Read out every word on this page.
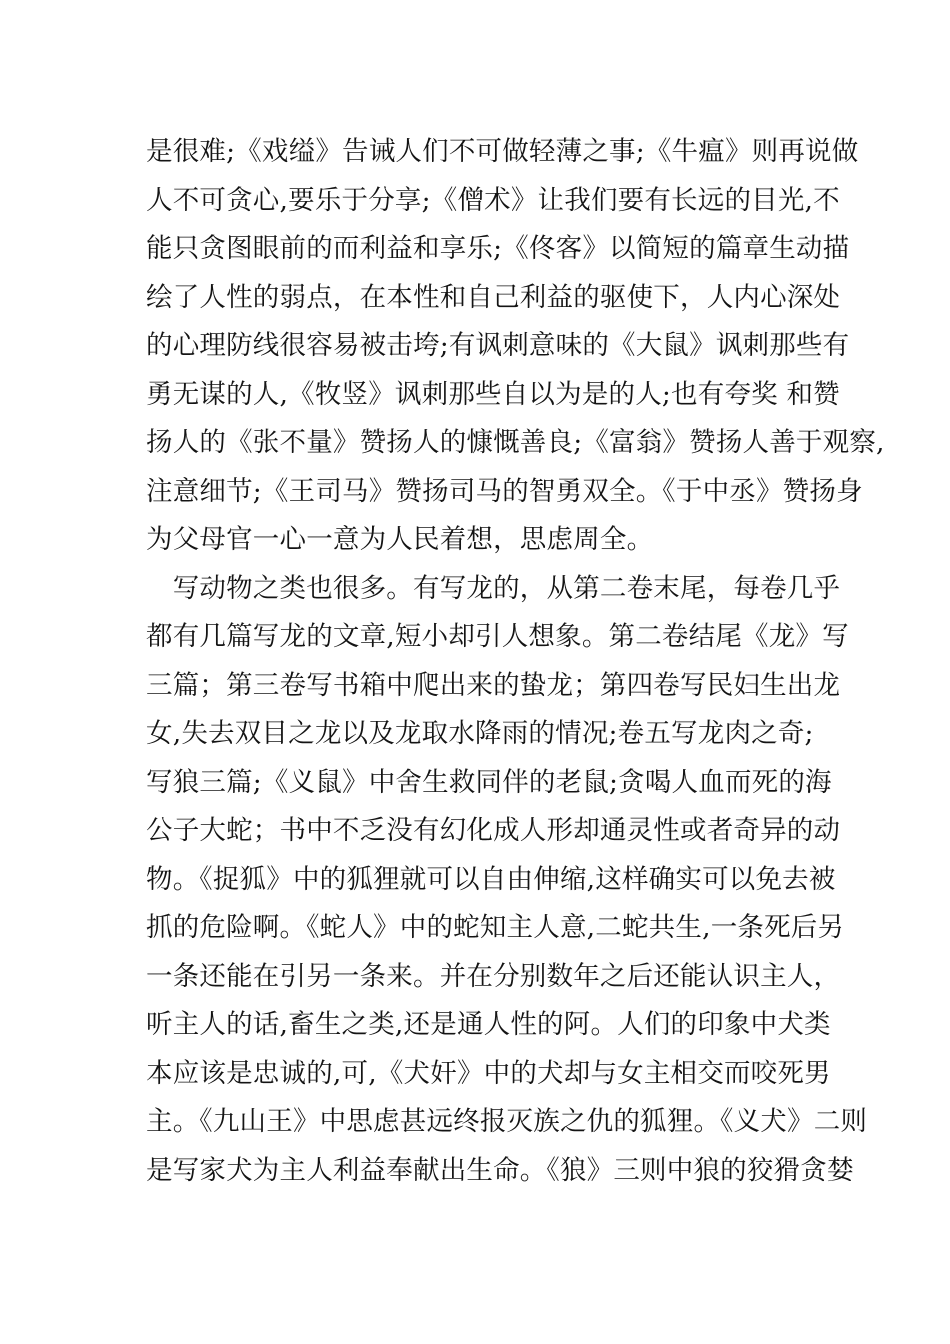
是很难;《戏缢》告诫人们不可做轻薄之事;《牛瘟》则再说做
人不可贪心,要乐于分享;《僧术》让我们要有长远的目光,不
能只贪图眼前的而利益和享乐;《佟客》以简短的篇章生动描
绘了人性的弱点，在本性和自己利益的驱使下，人内心深处
的心理防线很容易被击垮;有讽刺意味的《大鼠》讽刺那些有
勇无谋的人,《牧竖》讽刺那些自以为是的人;也有夸奖 和赞
扬人的《张不量》赞扬人的慷慨善良;《富翁》赞扬人善于观察,
注意细节;《王司马》赞扬司马的智勇双全。《于中丞》赞扬身
为父母官一心一意为人民着想，思虑周全。
　写动物之类也很多。有写龙的，从第二卷末尾，每卷几乎
都有几篇写龙的文章,短小却引人想象。第二卷结尾《龙》写
三篇；第三卷写书箱中爬出来的蛰龙；第四卷写民妇生出龙
女,失去双目之龙以及龙取水降雨的情况;卷五写龙肉之奇;
写狼三篇;《义鼠》中舍生救同伴的老鼠;贪喝人血而死的海
公子大蛇；书中不乏没有幻化成人形却通灵性或者奇异的动
物。《捉狐》中的狐狸就可以自由伸缩,这样确实可以免去被
抓的危险啊。《蛇人》中的蛇知主人意,二蛇共生,一条死后另
一条还能在引另一条来。并在分别数年之后还能认识主人，
听主人的话,畜生之类,还是通人性的阿。人们的印象中犬类
本应该是忠诚的,可,《犬奸》中的犬却与女主相交而咬死男
主。《九山王》中思虑甚远终报灭族之仇的狐狸。《义犬》二则
是写家犬为主人利益奉献出生命。《狼》三则中狼的狡猾贪婪
